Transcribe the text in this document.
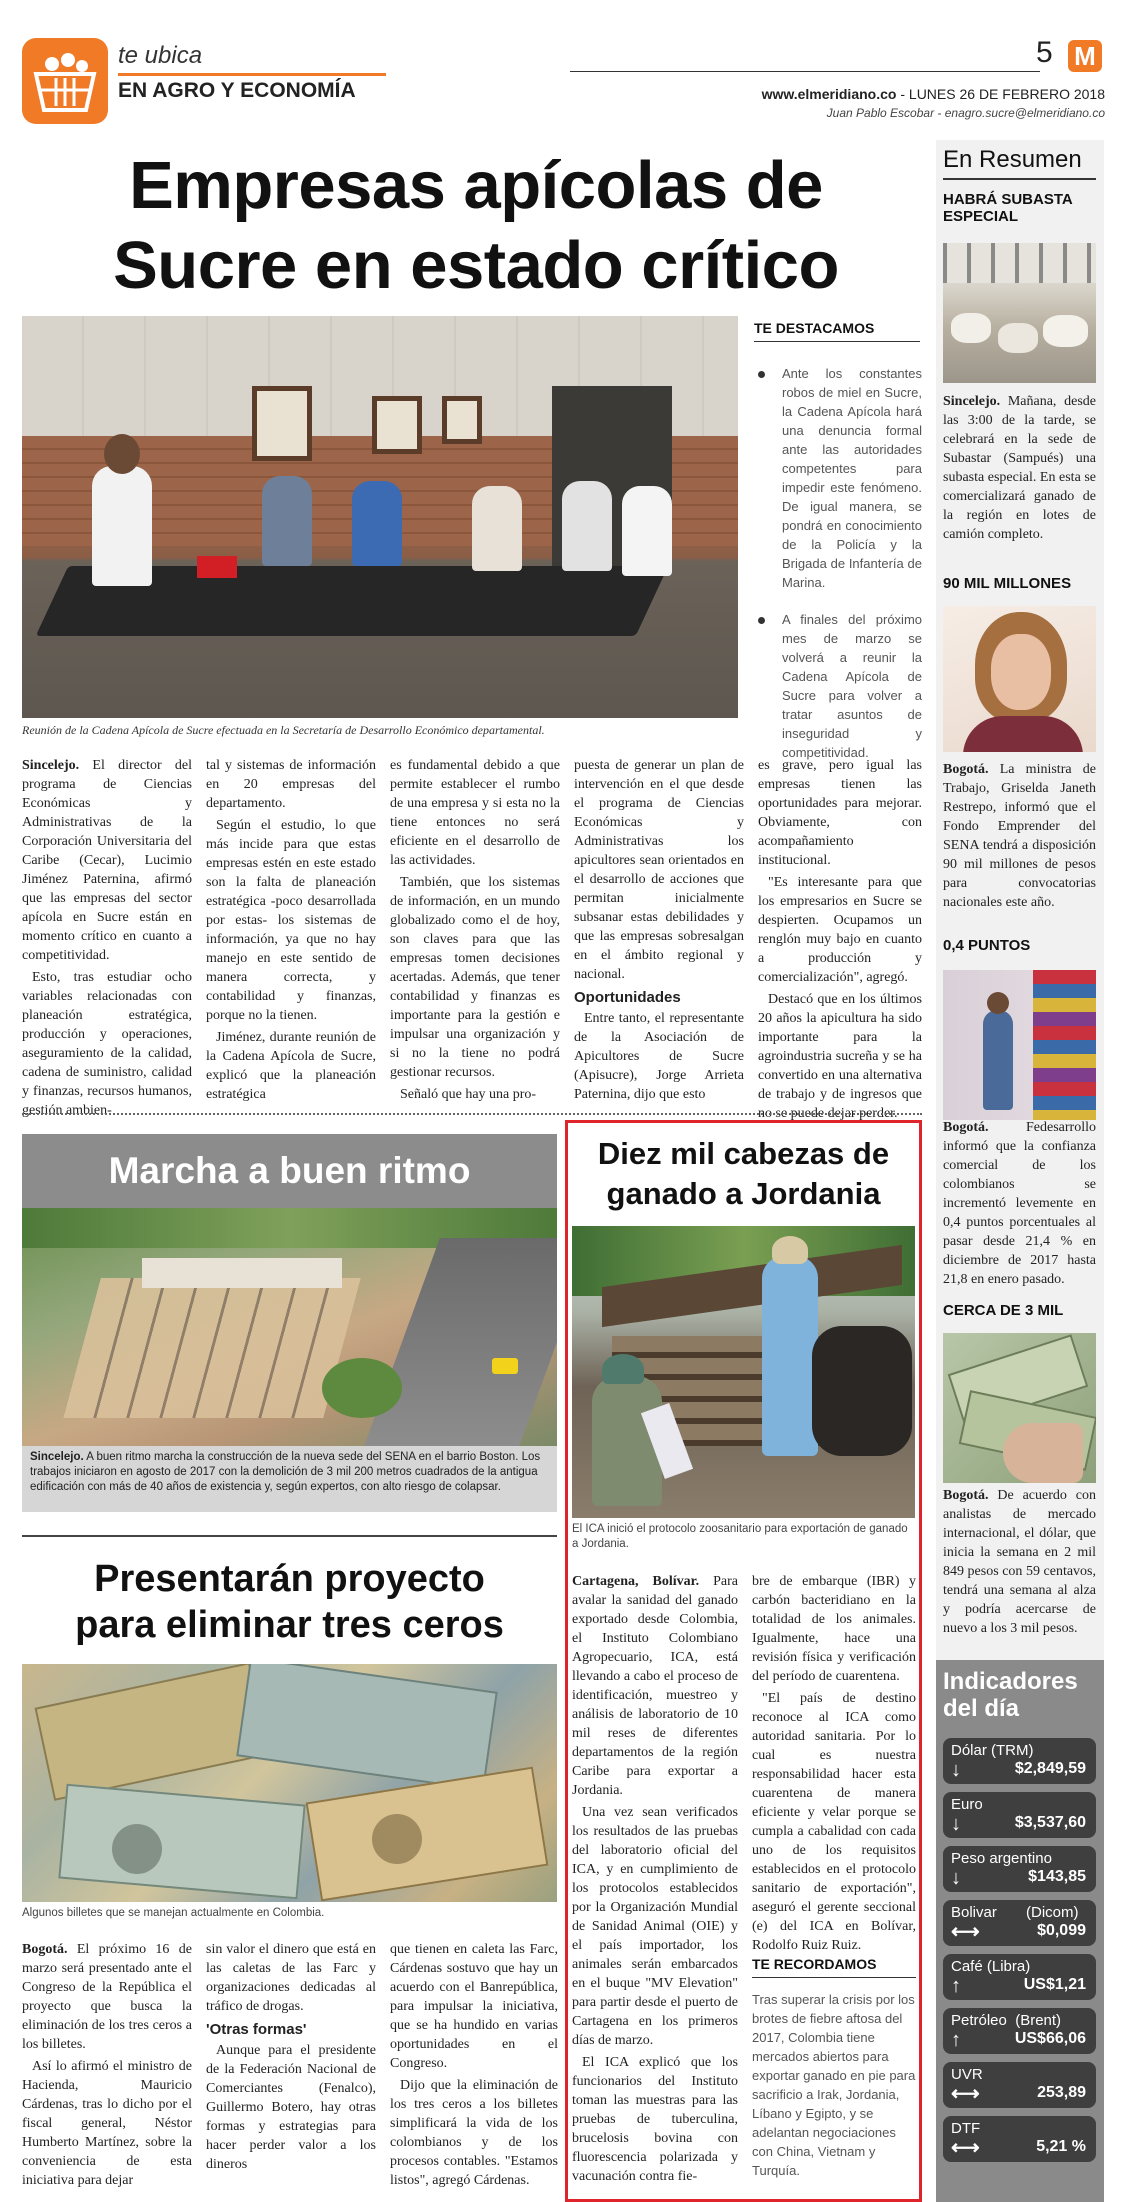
te ubica
EN AGRO Y ECONOMÍA
5 M
www.elmeridiano.co - LUNES 26 DE FEBRERO 2018
Juan Pablo Escobar - enagro.sucre@elmeridiano.co
Empresas apícolas de
Sucre en estado crítico
Reunión de la Cadena Apícola de Sucre efectuada en la Secretaría de Desarrollo Económico departamental.
TE DESTACAMOS
Ante los constantes robos de miel en Sucre, la Cadena Apícola hará una denuncia formal ante las autoridades competentes para impedir este fenómeno. De igual manera, se pondrá en conocimiento de la Policía y la Brigada de Infantería de Marina.
A finales del próximo mes de marzo se volverá a reunir la Cadena Apícola de Sucre para volver a tratar asuntos de inseguridad y competitividad.

Sincelejo. El director del programa de Ciencias Económicas y Administrativas de la Corporación Universitaria del Caribe (Cecar), Lucimio Jiménez Paternina, afirmó que las empresas del sector apícola en Sucre están en momento crítico en cuanto a competitividad.

Esto, tras estudiar ocho variables relacionadas con planeación estratégica, producción y operaciones, aseguramiento de la calidad, cadena de suministro, calidad y finanzas, recursos humanos, gestión ambien-

tal y sistemas de información en 20 empresas del departamento.

Según el estudio, lo que más incide para que estas empresas estén en este estado son la falta de planeación estratégica -poco desarrollada por estas- los sistemas de información, ya que no hay manejo en este sentido de manera correcta, y contabilidad y finanzas, porque no la tienen.

Jiménez, durante reunión de la Cadena Apícola de Sucre, explicó que la planeación estratégica

es fundamental debido a que permite establecer el rumbo de una empresa y si esta no la tiene entonces no será eficiente en el desarrollo de las actividades.

También, que los sistemas de información, en un mundo globalizado como el de hoy, son claves para que las empresas tomen decisiones acertadas. Además, que tener contabilidad y finanzas es importante para la gestión e impulsar una organización y si no la tiene no podrá gestionar recursos.

Señaló que hay una pro-

puesta de generar un plan de intervención en el que desde el programa de Ciencias Económicas y Administrativas los apicultores sean orientados en el desarrollo de acciones que permitan inicialmente subsanar estas debilidades y que las empresas sobresalgan en el ámbito regional y nacional.

Oportunidades

Entre tanto, el representante de la Asociación de Apicultores de Sucre (Apisucre), Jorge Arrieta Paternina, dijo que esto

es grave, pero igual las empresas tienen las oportunidades para mejorar. Obviamente, con acompañamiento institucional.

"Es interesante para que los empresarios en Sucre se despierten. Ocupamos un renglón muy bajo en cuanto a producción y comercialización", agregó.

Destacó que en los últimos 20 años la apicultura ha sido importante para la agroindustria sucreña y se ha convertido en una alternativa de trabajo y de ingresos que no se puede dejar perder.

Marcha a buen ritmo
Sincelejo. A buen ritmo marcha la construcción de la nueva sede del SENA en el barrio Boston. Los trabajos iniciaron en agosto de 2017 con la demolición de 3 mil 200 metros cuadrados de la antigua edificación con más de 40 años de existencia y, según expertos, con alto riesgo de colapsar.
Presentarán proyecto
para eliminar tres ceros
Algunos billetes que se manejan actualmente en Colombia.

Bogotá. El próximo 16 de marzo será presentado ante el Congreso de la República el proyecto que busca la eliminación de los tres ceros a los billetes.

Así lo afirmó el ministro de Hacienda, Mauricio Cárdenas, tras lo dicho por el fiscal general, Néstor Humberto Martínez, sobre la conveniencia de esta iniciativa para dejar

sin valor el dinero que está en las caletas de las Farc y organizaciones dedicadas al tráfico de drogas.

'Otras formas'

Aunque para el presidente de la Federación Nacional de Comerciantes (Fenalco), Guillermo Botero, hay otras formas y estrategias para hacer perder valor a los dineros

que tienen en caleta las Farc, Cárdenas sostuvo que hay un acuerdo con el Banrepública, para impulsar la iniciativa, que se ha hundido en varias oportunidades en el Congreso.

Dijo que la eliminación de los tres ceros a los billetes simplificará la vida de los colombianos y de los procesos contables. "Estamos listos", agregó Cárdenas.

Diez mil cabezas de
ganado a Jordania
El ICA inició el protocolo zoosanitario para exportación de ganado a Jordania.

Cartagena, Bolívar. Para avalar la sanidad del ganado exportado desde Colombia, el Instituto Colombiano Agropecuario, ICA, está llevando a cabo el proceso de identificación, muestreo y análisis de laboratorio de 10 mil reses de diferentes departamentos de la región Caribe para exportar a Jordania.

Una vez sean verificados los resultados de las pruebas del laboratorio oficial del ICA, y en cumplimiento de los protocolos establecidos por la Organización Mundial de Sanidad Animal (OIE) y el país importador, los animales serán embarcados en el buque "MV Elevation" para partir desde el puerto de Cartagena en los primeros días de marzo.

El ICA explicó que los funcionarios del Instituto toman las muestras para las pruebas de tuberculina, brucelosis bovina con fluorescencia polarizada y vacunación contra fie-

bre de embarque (IBR) y carbón bacteridiano en la totalidad de los animales. Igualmente, hace una revisión física y verificación del período de cuarentena.

"El país de destino reconoce al ICA como autoridad sanitaria. Por lo cual es nuestra responsabilidad hacer esta cuarentena de manera eficiente y velar porque se cumpla a cabalidad con cada uno de los requisitos establecidos en el protocolo sanitario de exportación", aseguró el gerente seccional (e) del ICA en Bolívar, Rodolfo Ruiz Ruiz.

TE RECORDAMOS
Tras superar la crisis por los brotes de fiebre aftosa del 2017, Colombia tiene mercados abiertos para exportar ganado en pie para sacrificio a Irak, Jordania, Líbano y Egipto, y se adelantan negociaciones con China, Vietnam y Turquía.
En Resumen
HABRÁ SUBASTA ESPECIAL

Sincelejo. Mañana, desde las 3:00 de la tarde, se celebrará en la sede de Subastar (Sampués) una subasta especial. En esta se comercializará ganado de la región en lotes de camión completo.

90 MIL MILLONES

Bogotá. La ministra de Trabajo, Griselda Janeth Restrepo, informó que el Fondo Emprender del SENA tendrá a disposición 90 mil millones de pesos para convocatorias nacionales este año.

0,4 PUNTOS

Bogotá. Fedesarrollo informó que la confianza comercial de los colombianos se incrementó levemente en 0,4 puntos porcentuales al pasar desde 21,4 % en diciembre de 2017 hasta 21,8 en enero pasado.

CERCA DE 3 MIL

Bogotá. De acuerdo con analistas de mercado internacional, el dólar, que inicia la semana en 2 mil 849 pesos con 59 centavos, tendrá una semana al alza y podría acercarse de nuevo a los 3 mil pesos.

Indicadores
del día
Dólar (TRM)
↓	$2,849,59
Euro
↓	$3,537,60
Peso argentino
↓	$143,85
Bolivar       (Dicom)
⟷	$0,099
Café (Libra)
↑	US$1,21
Petróleo  (Brent)
↑	US$66,06
UVR
⟷	253,89
DTF
⟷	5,21 %
